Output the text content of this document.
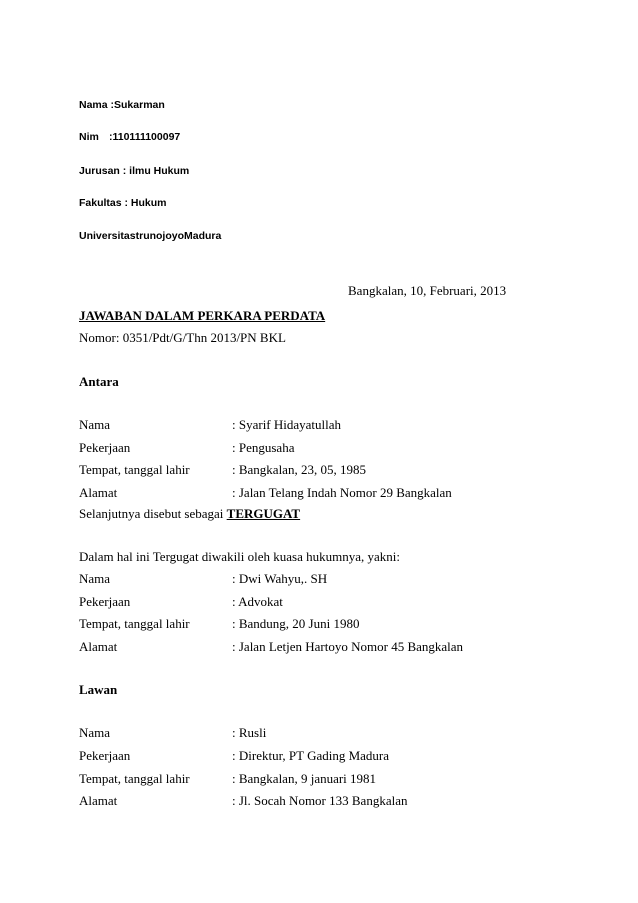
Nama :Sukarman
Nim :110111100097
Jurusan : ilmu Hukum
Fakultas : Hukum
UniversitastrunojoyoMadura
Bangkalan, 10, Februari, 2013
JAWABAN DALAM PERKARA PERDATA
Nomor: 0351/Pdt/G/Thn 2013/PN BKL
Antara
Nama	: Syarif Hidayatullah
Pekerjaan	: Pengusaha
Tempat, tanggal lahir	: Bangkalan, 23, 05, 1985
Alamat	: Jalan Telang Indah Nomor 29 Bangkalan
Selanjutnya disebut sebagai TERGUGAT
Dalam hal ini Tergugat diwakili oleh kuasa hukumnya, yakni:
Nama	: Dwi Wahyu,. SH
Pekerjaan	: Advokat
Tempat, tanggal lahir	: Bandung, 20 Juni 1980
Alamat	: Jalan Letjen Hartoyo Nomor 45 Bangkalan
Lawan
Nama	: Rusli
Pekerjaan	: Direktur, PT Gading Madura
Tempat, tanggal lahir	: Bangkalan, 9 januari 1981
Alamat	: Jl. Socah Nomor 133 Bangkalan
